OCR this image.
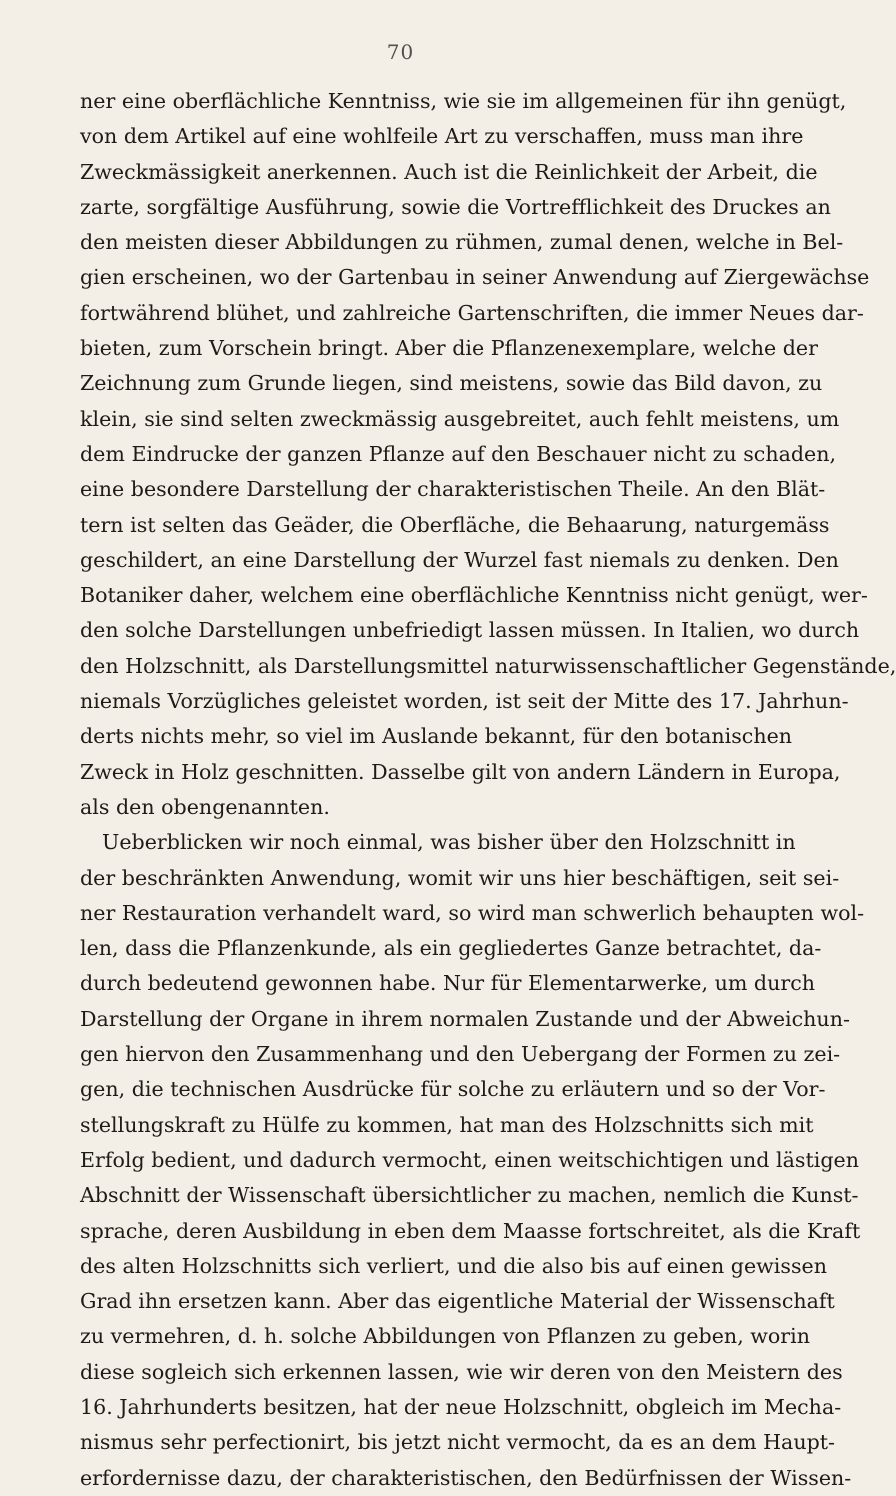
70
ner eine oberflächliche Kenntniss, wie sie im allgemeinen für ihn genügt,
von dem Artikel auf eine wohlfeile Art zu verschaffen, muss man ihre
Zweckmässigkeit anerkennen. Auch ist die Reinlichkeit der Arbeit, die
zarte, sorgfältige Ausführung, sowie die Vortrefflichkeit des Druckes an
den meisten dieser Abbildungen zu rühmen, zumal denen, welche in Bel-
gien erscheinen, wo der Gartenbau in seiner Anwendung auf Ziergewächse
fortwährend blühet, und zahlreiche Gartenschriften, die immer Neues dar-
bieten, zum Vorschein bringt. Aber die Pflanzenexemplare, welche der
Zeichnung zum Grunde liegen, sind meistens, sowie das Bild davon, zu
klein, sie sind selten zweckmässig ausgebreitet, auch fehlt meistens, um
dem Eindrucke der ganzen Pflanze auf den Beschauer nicht zu schaden,
eine besondere Darstellung der charakteristischen Theile. An den Blät-
tern ist selten das Geäder, die Oberfläche, die Behaarung, naturgemäss
geschildert, an eine Darstellung der Wurzel fast niemals zu denken. Den
Botaniker daher, welchem eine oberflächliche Kenntniss nicht genügt, wer-
den solche Darstellungen unbefriedigt lassen müssen. In Italien, wo durch
den Holzschnitt, als Darstellungsmittel naturwissenschaftlicher Gegenstände,
niemals Vorzügliches geleistet worden, ist seit der Mitte des 17. Jahrhun-
derts nichts mehr, so viel im Auslande bekannt, für den botanischen
Zweck in Holz geschnitten. Dasselbe gilt von andern Ländern in Europa,
als den obengenannten.
Ueberblicken wir noch einmal, was bisher über den Holzschnitt in
der beschränkten Anwendung, womit wir uns hier beschäftigen, seit sei-
ner Restauration verhandelt ward, so wird man schwerlich behaupten wol-
len, dass die Pflanzenkunde, als ein gegliedertes Ganze betrachtet, da-
durch bedeutend gewonnen habe. Nur für Elementarwerke, um durch
Darstellung der Organe in ihrem normalen Zustande und der Abweichun-
gen hiervon den Zusammenhang und den Uebergang der Formen zu zei-
gen, die technischen Ausdrücke für solche zu erläutern und so der Vor-
stellungskraft zu Hülfe zu kommen, hat man des Holzschnitts sich mit
Erfolg bedient, und dadurch vermocht, einen weitschichtigen und lästigen
Abschnitt der Wissenschaft übersichtlicher zu machen, nemlich die Kunst-
sprache, deren Ausbildung in eben dem Maasse fortschreitet, als die Kraft
des alten Holzschnitts sich verliert, und die also bis auf einen gewissen
Grad ihn ersetzen kann. Aber das eigentliche Material der Wissenschaft
zu vermehren, d. h. solche Abbildungen von Pflanzen zu geben, worin
diese sogleich sich erkennen lassen, wie wir deren von den Meistern des
16. Jahrhunderts besitzen, hat der neue Holzschnitt, obgleich im Mecha-
nismus sehr perfectionirt, bis jetzt nicht vermocht, da es an dem Haupt-
erfordernisse dazu, der charakteristischen, den Bedürfnissen der Wissen-
